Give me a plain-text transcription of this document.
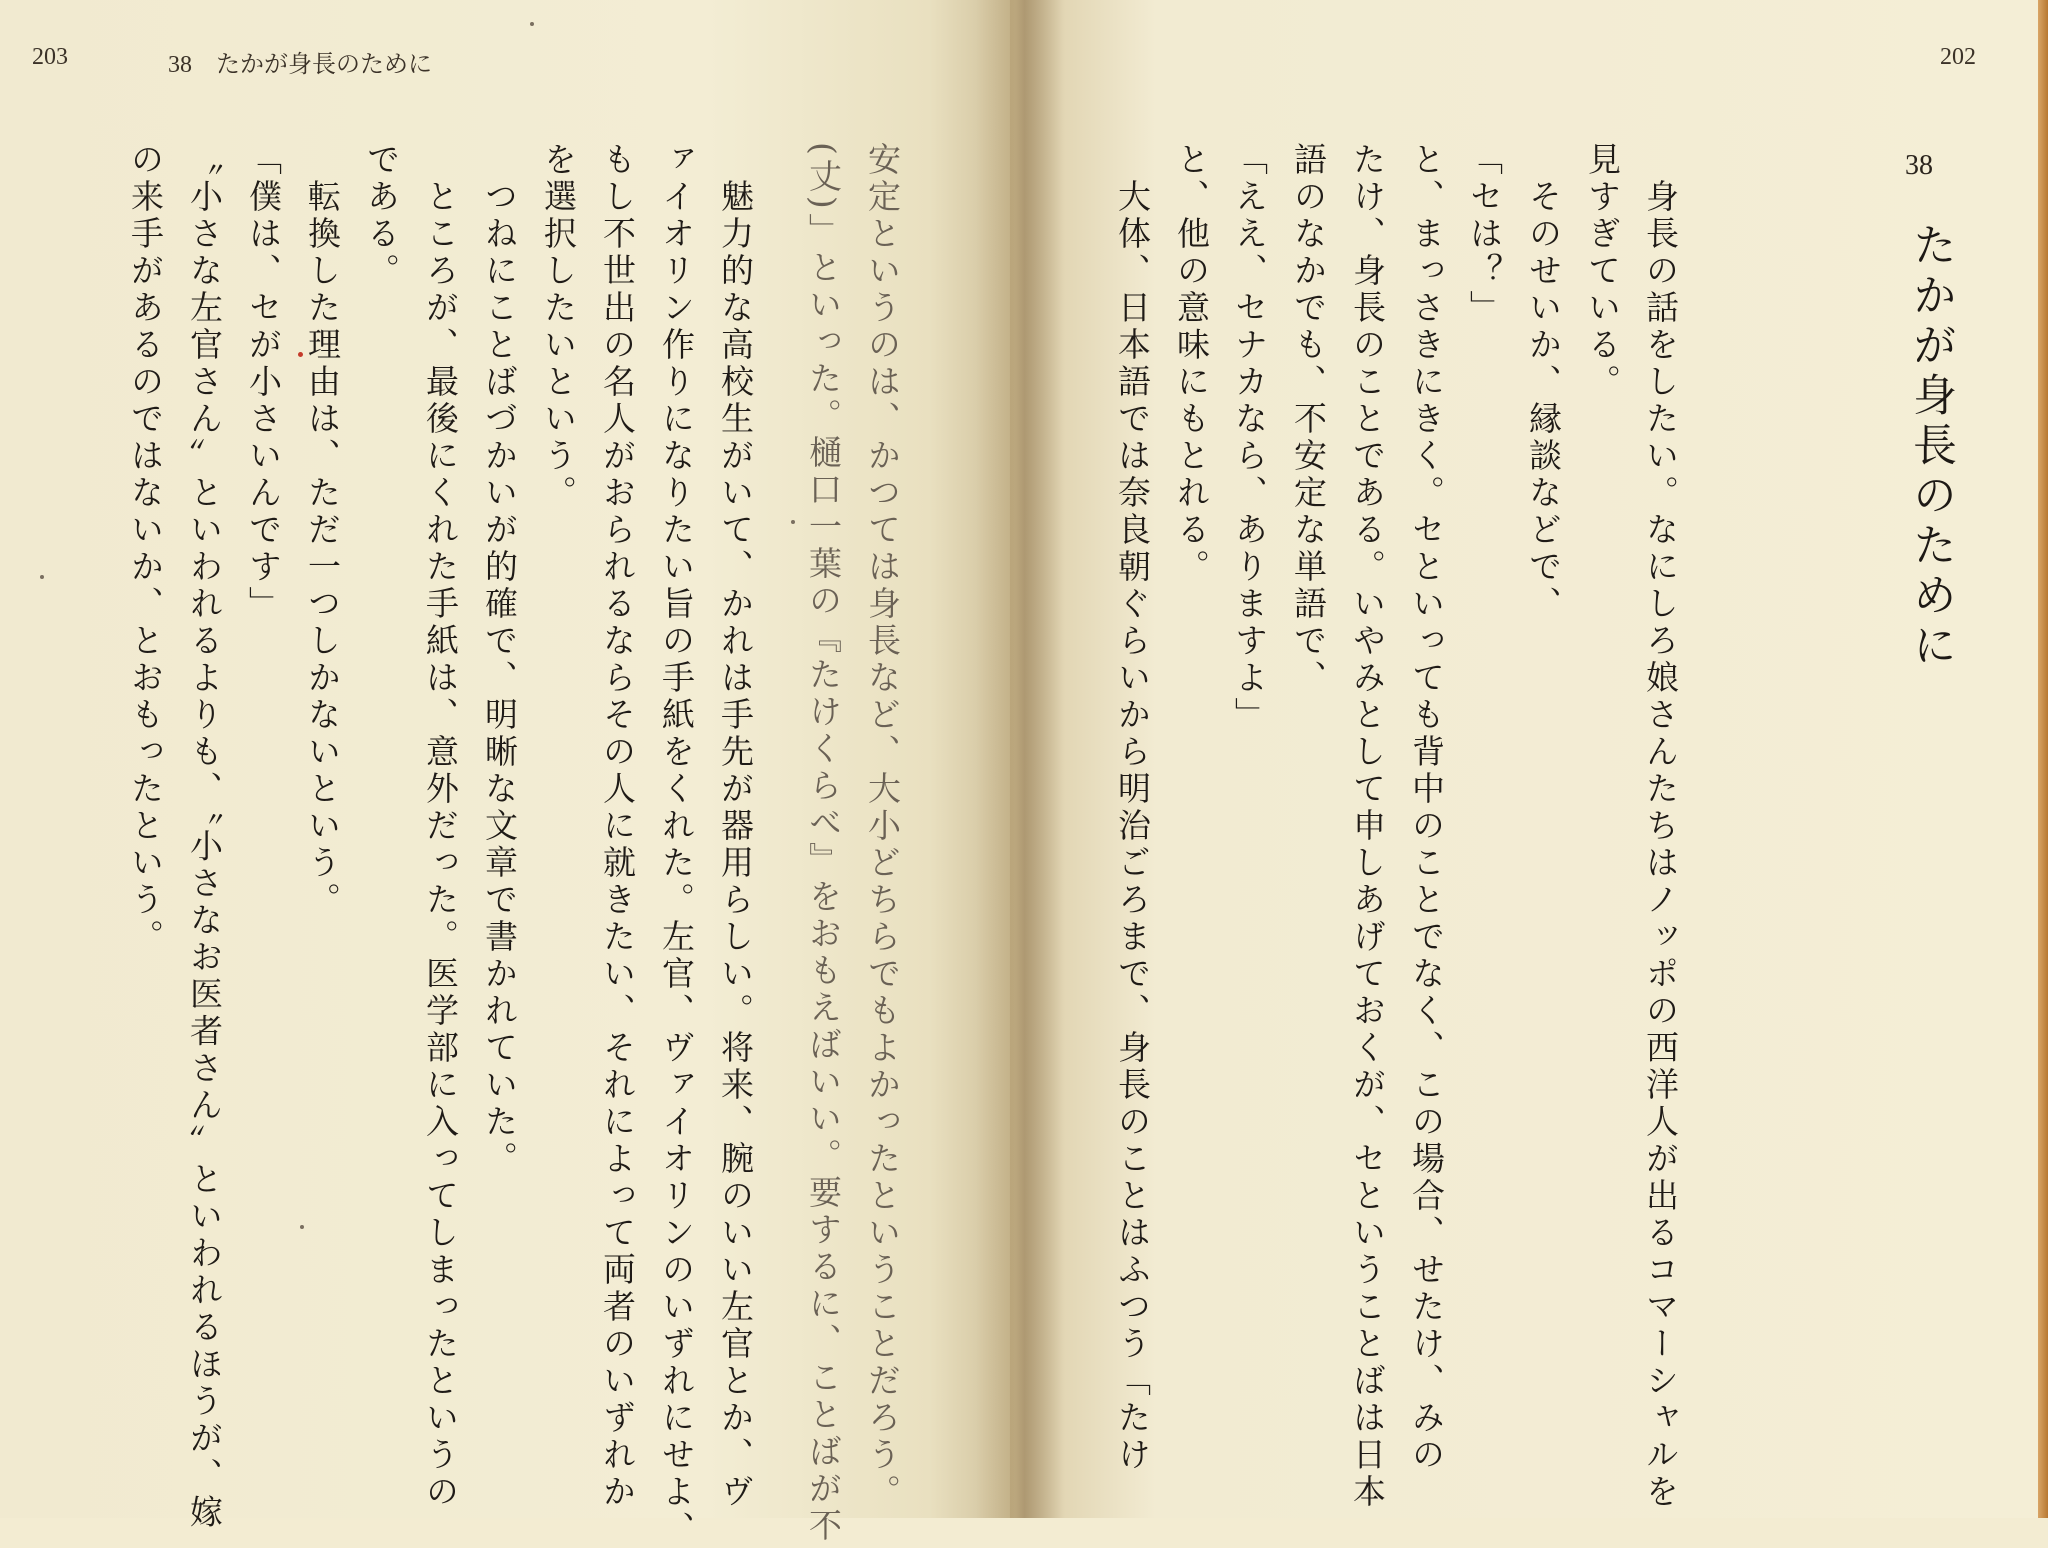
203	38　たかが身長のために	202
38
たかが身長のために
　身長の話をしたい。なにしろ娘さんたちはノッポの西洋人が出るコマーシャルを
見すぎている。
　そのせいか、縁談などで、
「セは？」
と、まっさきにきく。セといっても背中のことでなく、この場合、せたけ、みの
たけ、身長のことである。いやみとして申しあげておくが、セということばは日本
語のなかでも、不安定な単語で、
「ええ、セナカなら、ありますよ」
と、他の意味にもとれる。
　大体、日本語では奈良朝ぐらいから明治ごろまで、身長のことはふつう「たけ
安定というのは、かつては身長など、大小どちらでもよかったということだろう。
(丈)」といった。樋口一葉の『たけくらべ』をおもえばいい。要するに、ことばが不
　魅力的な高校生がいて、かれは手先が器用らしい。将来、腕のいい左官とか、ヴ
ァイオリン作りになりたい旨の手紙をくれた。左官、ヴァイオリンのいずれにせよ、
もし不世出の名人がおられるならその人に就きたい、それによって両者のいずれか
を選択したいという。
　つねにことばづかいが的確で、明晰な文章で書かれていた。
　ところが、最後にくれた手紙は、意外だった。医学部に入ってしまったというの
である。
　転換した理由は、ただ一つしかないという。
「僕は、セが小さいんです」
〝小さな左官さん〟といわれるよりも、〝小さなお医者さん〟といわれるほうが、嫁
の来手があるのではないか、とおもったという。
